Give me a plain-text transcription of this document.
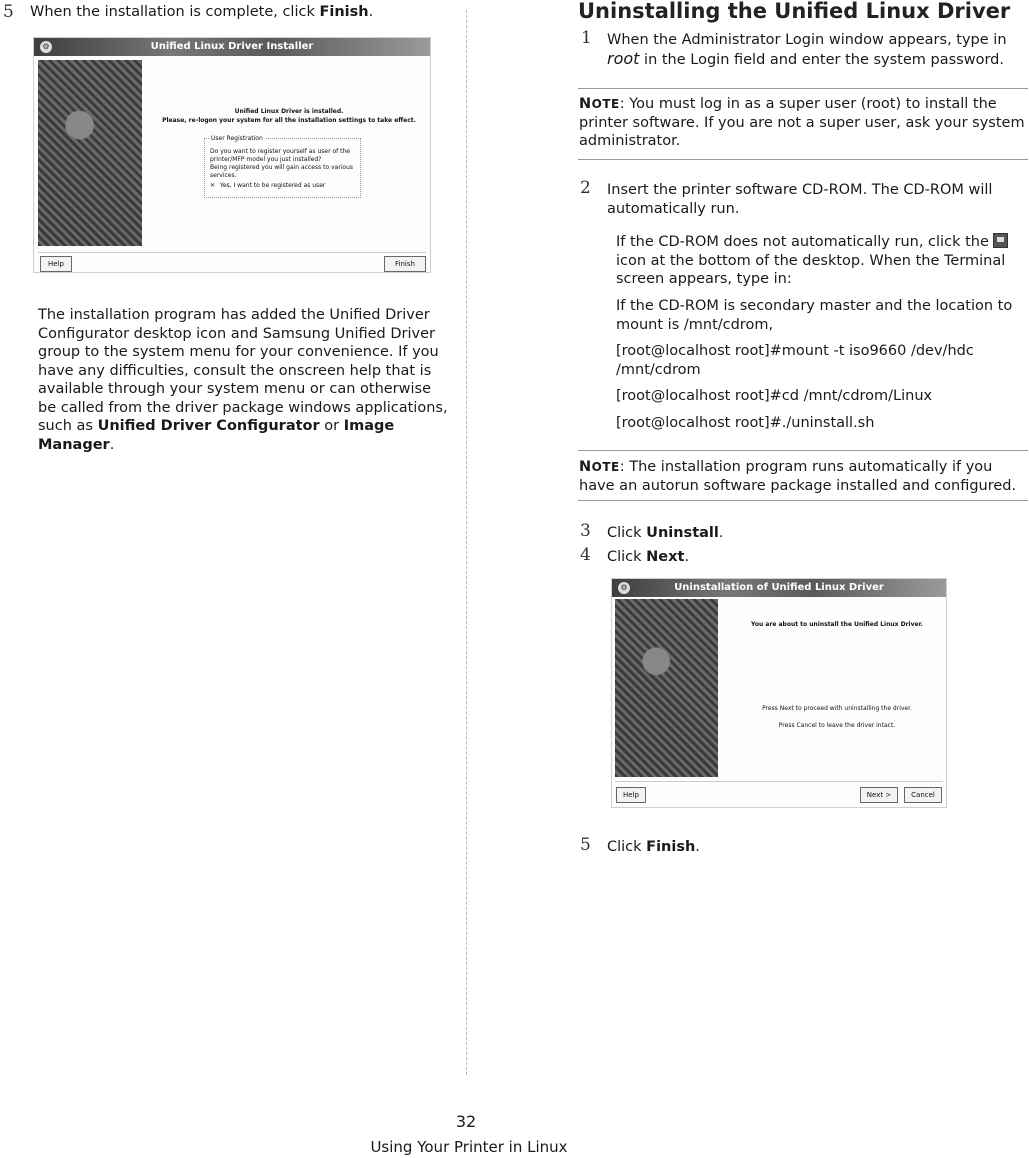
5 When the installation is complete, click Finish.
⚙	Unified Linux Driver Installer
Unified Linux Driver is installed.
Please, re-logon your system for all the installation settings to take effect.
User Registration
Do you want to register yourself as user of the
printer/MFP model you just installed?
Being registered you will gain access to various
services.
✕ Yes, I want to be registered as user
Help	Finish
The installation program has added the Unified Driver Configurator desktop icon and Samsung Unified Driver group to the system menu for your convenience. If you have any difficulties, consult the onscreen help that is available through your system menu or can otherwise be called from the driver package windows applications, such as Unified Driver Configurator or Image Manager.
Uninstalling the Unified Linux Driver
1 When the Administrator Login window appears, type in root in the Login field and enter the system password.
NOTE: You must log in as a super user (root) to install the printer software. If you are not a super user, ask your system administrator.
2 Insert the printer software CD-ROM. The CD-ROM will automatically run.
If the CD-ROM does not automatically run, click the  icon at the bottom of the desktop. When the Terminal screen appears, type in:
If the CD-ROM is secondary master and the location to mount is /mnt/cdrom,
[root@localhost root]#mount -t iso9660 /dev/hdc /mnt/cdrom
[root@localhost root]#cd /mnt/cdrom/Linux
[root@localhost root]#./uninstall.sh
NOTE: The installation program runs automatically if you have an autorun software package installed and configured.
3 Click Uninstall.
4 Click Next.
⚙	Uninstallation of Unified Linux Driver
You are about to uninstall the Unified Linux Driver.
Press Next to proceed with uninstalling the driver.
Press Cancel to leave the driver intact.
Help	Next >	Cancel
5 Click Finish.
32
Using Your Printer in Linux
